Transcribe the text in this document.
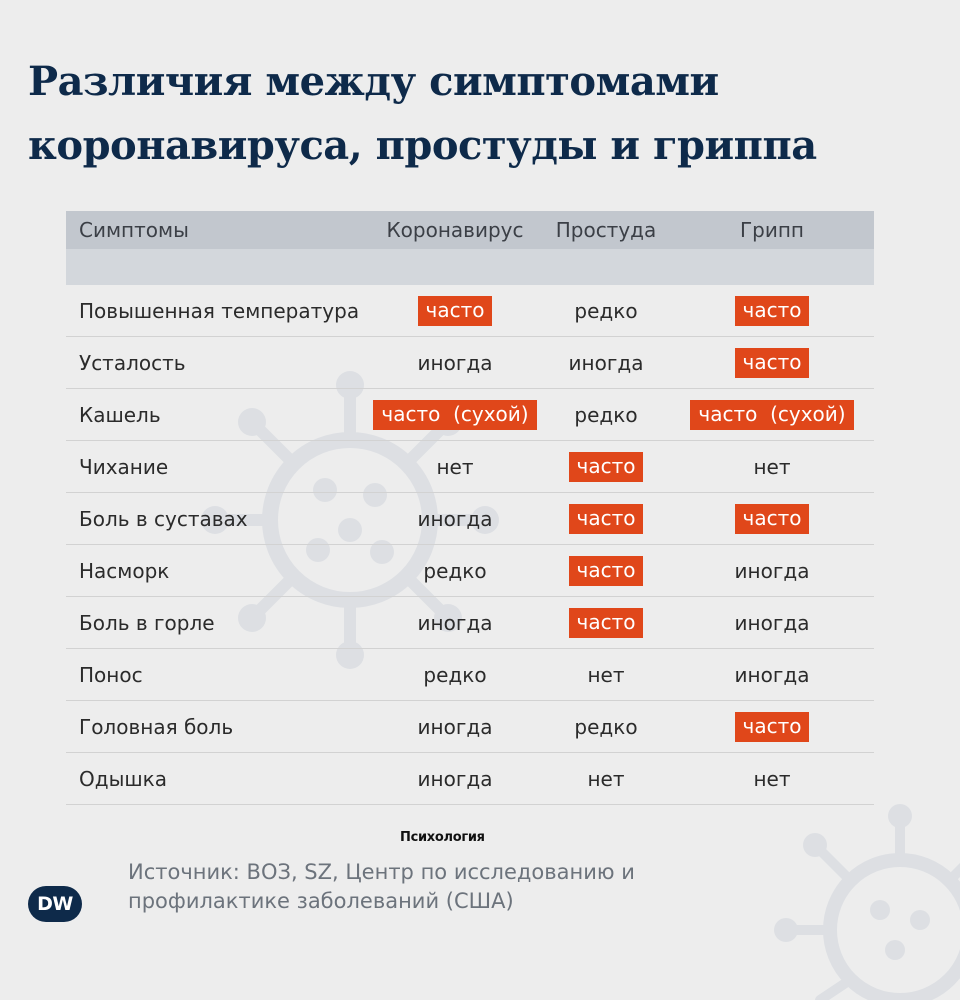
Различия между симптомами
коронавируса, простуды и гриппа
Симптомы	Коронавирус	Простуда	Грипп
Повышенная температура	часто	редко	часто
Усталость	иногда	иногда	часто
Кашель	часто  (сухой)	редко	часто  (сухой)
Чихание	нет	часто	нет
Боль в суставах	иногда	часто	часто
Насморк	редко	часто	иногда
Боль в горле	иногда	часто	иногда
Понос	редко	нет	иногда
Головная боль	иногда	редко	часто
Одышка	иногда	нет	нет
Психология
Источник: ВОЗ, SZ, Центр по исследованию и
профилактике заболеваний (США)
DW
